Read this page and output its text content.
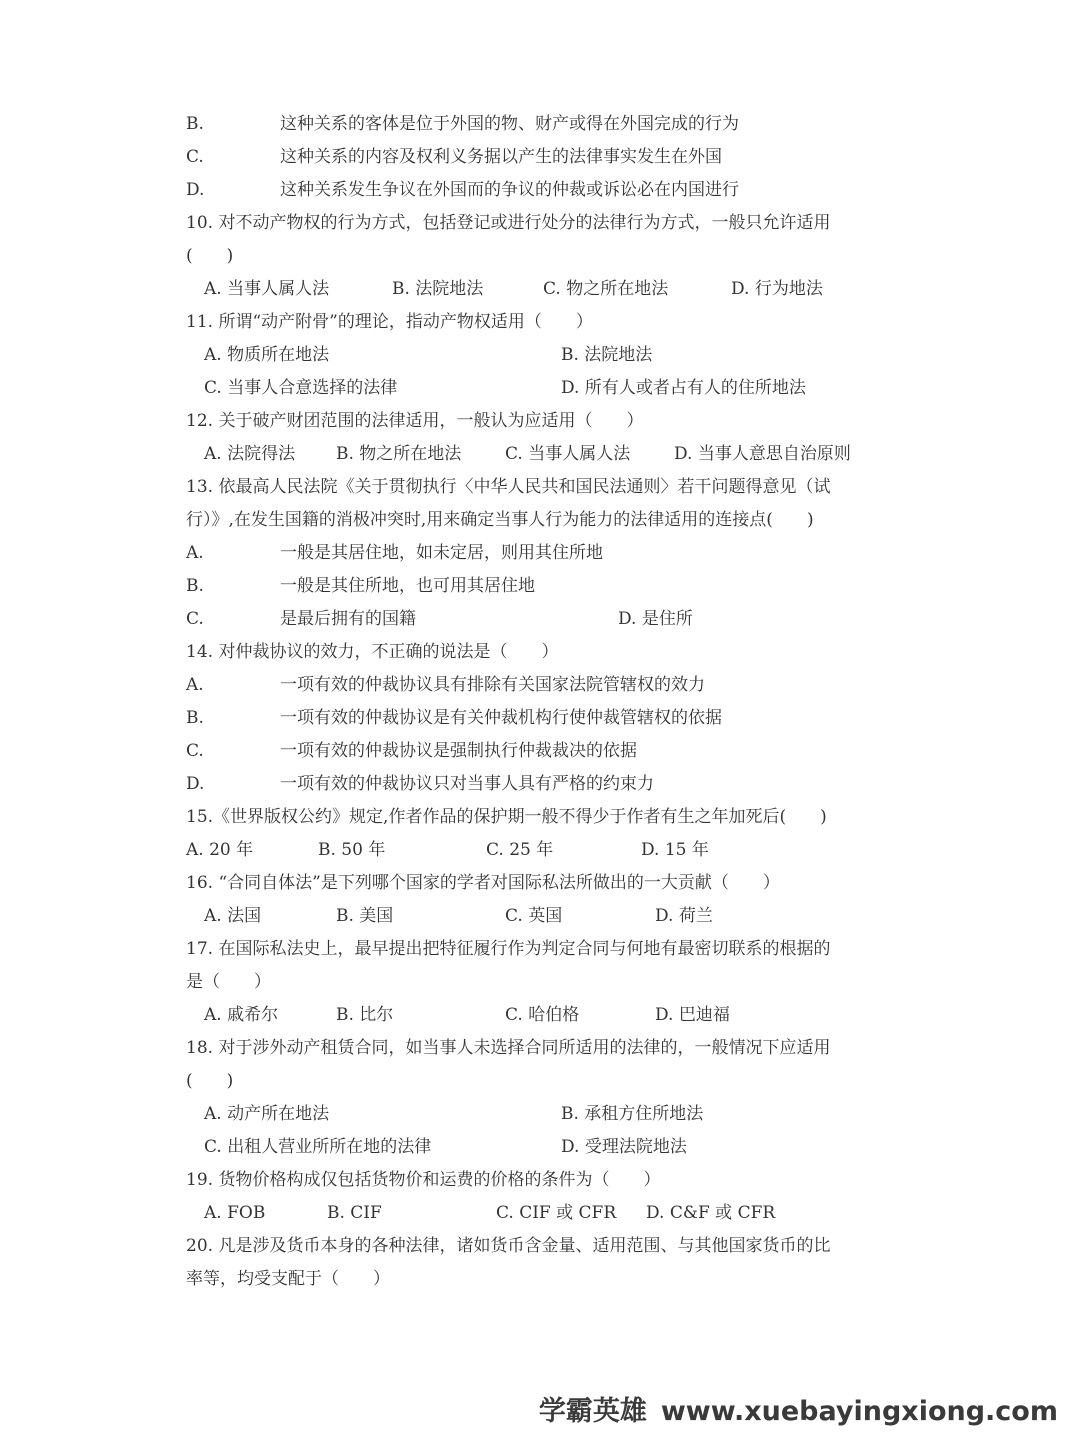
B.	这种关系的客体是位于外国的物、财产或得在外国完成的行为
C.	这种关系的内容及权利义务据以产生的法律事实发生在外国
D.	这种关系发生争议在外国而的争议的仲裁或诉讼必在内国进行
10. 对不动产物权的行为方式，包括登记或进行处分的法律行为方式，一般只允许适用
(　　)
A. 当事人属人法	B. 法院地法	C. 物之所在地法	D. 行为地法
11. 所谓“动产附骨”的理论，指动产物权适用（　　）
A. 物质所在地法	B. 法院地法
C. 当事人合意选择的法律	D. 所有人或者占有人的住所地法
12. 关于破产财团范围的法律适用，一般认为应适用（　　）
A. 法院得法 B. 物之所在地法	C. 当事人属人法	D. 当事人意思自治原则
13. 依最高人民法院《关于贯彻执行〈中华人民共和国民法通则〉若干问题得意见（试
行）》,在发生国籍的消极冲突时,用来确定当事人行为能力的法律适用的连接点(　　)
A.	一般是其居住地，如未定居，则用其住所地
B.	一般是其住所地，也可用其居住地
C.	是最后拥有的国籍	D. 是住所
14. 对仲裁协议的效力，不正确的说法是（　　）
A.	一项有效的仲裁协议具有排除有关国家法院管辖权的效力
B.	一项有效的仲裁协议是有关仲裁机构行使仲裁管辖权的依据
C.	一项有效的仲裁协议是强制执行仲裁裁决的依据
D.	一项有效的仲裁协议只对当事人具有严格的约束力
15.《世界版权公约》规定,作者作品的保护期一般不得少于作者有生之年加死后(　　)
A. 20 年	B. 50 年	C. 25 年	D. 15 年
16. “合同自体法”是下列哪个国家的学者对国际私法所做出的一大贡献（　　）
A. 法国	B. 美国	C. 英国	D. 荷兰
17. 在国际私法史上，最早提出把特征履行作为判定合同与何地有最密切联系的根据的
是（　　）
A. 戚希尔	B. 比尔	C. 哈伯格	D. 巴迪福
18. 对于涉外动产租赁合同，如当事人未选择合同所适用的法律的，一般情况下应适用
(　　)
A. 动产所在地法	B. 承租方住所地法
C. 出租人营业所所在地的法律	D. 受理法院地法
19. 货物价格构成仅包括货物价和运费的价格的条件为（　　）
A. FOB	B. CIF	C. CIF 或 CFR D. C&F 或 CFR
20. 凡是涉及货币本身的各种法律，诸如货币含金量、适用范围、与其他国家货币的比
率等，均受支配于（　　）
学霸英雄 www.xuebayingxiong.com
